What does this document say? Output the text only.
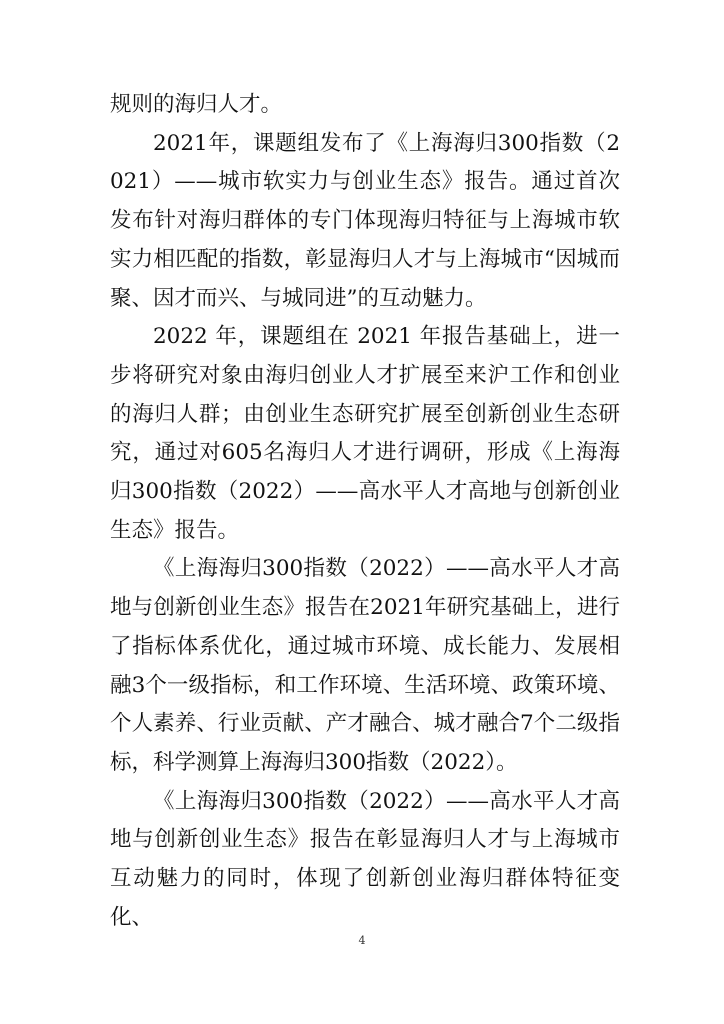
规则的海归人才。

2021年，课题组发布了《上海海归300指数（2021）——城市软实力与创业生态》报告。通过首次发布针对海归群体的专门体现海归特征与上海城市软实力相匹配的指数，彰显海归人才与上海城市“因城而聚、因才而兴、与城同进”的互动魅力。

2022 年，课题组在 2021 年报告基础上，进一步将研究对象由海归创业人才扩展至来沪工作和创业的海归人群；由创业生态研究扩展至创新创业生态研究，通过对605名海归人才进行调研，形成《上海海归300指数（2022）——高水平人才高地与创新创业生态》报告。

《上海海归300指数（2022）——高水平人才高地与创新创业生态》报告在2021年研究基础上，进行了指标体系优化，通过城市环境、成长能力、发展相融3个一级指标，和工作环境、生活环境、政策环境、个人素养、行业贡献、产才融合、城才融合7个二级指标，科学测算上海海归300指数（2022）。

《上海海归300指数（2022）——高水平人才高地与创新创业生态》报告在彰显海归人才与上海城市互动魅力的同时，体现了创新创业海归群体特征变化、

4
